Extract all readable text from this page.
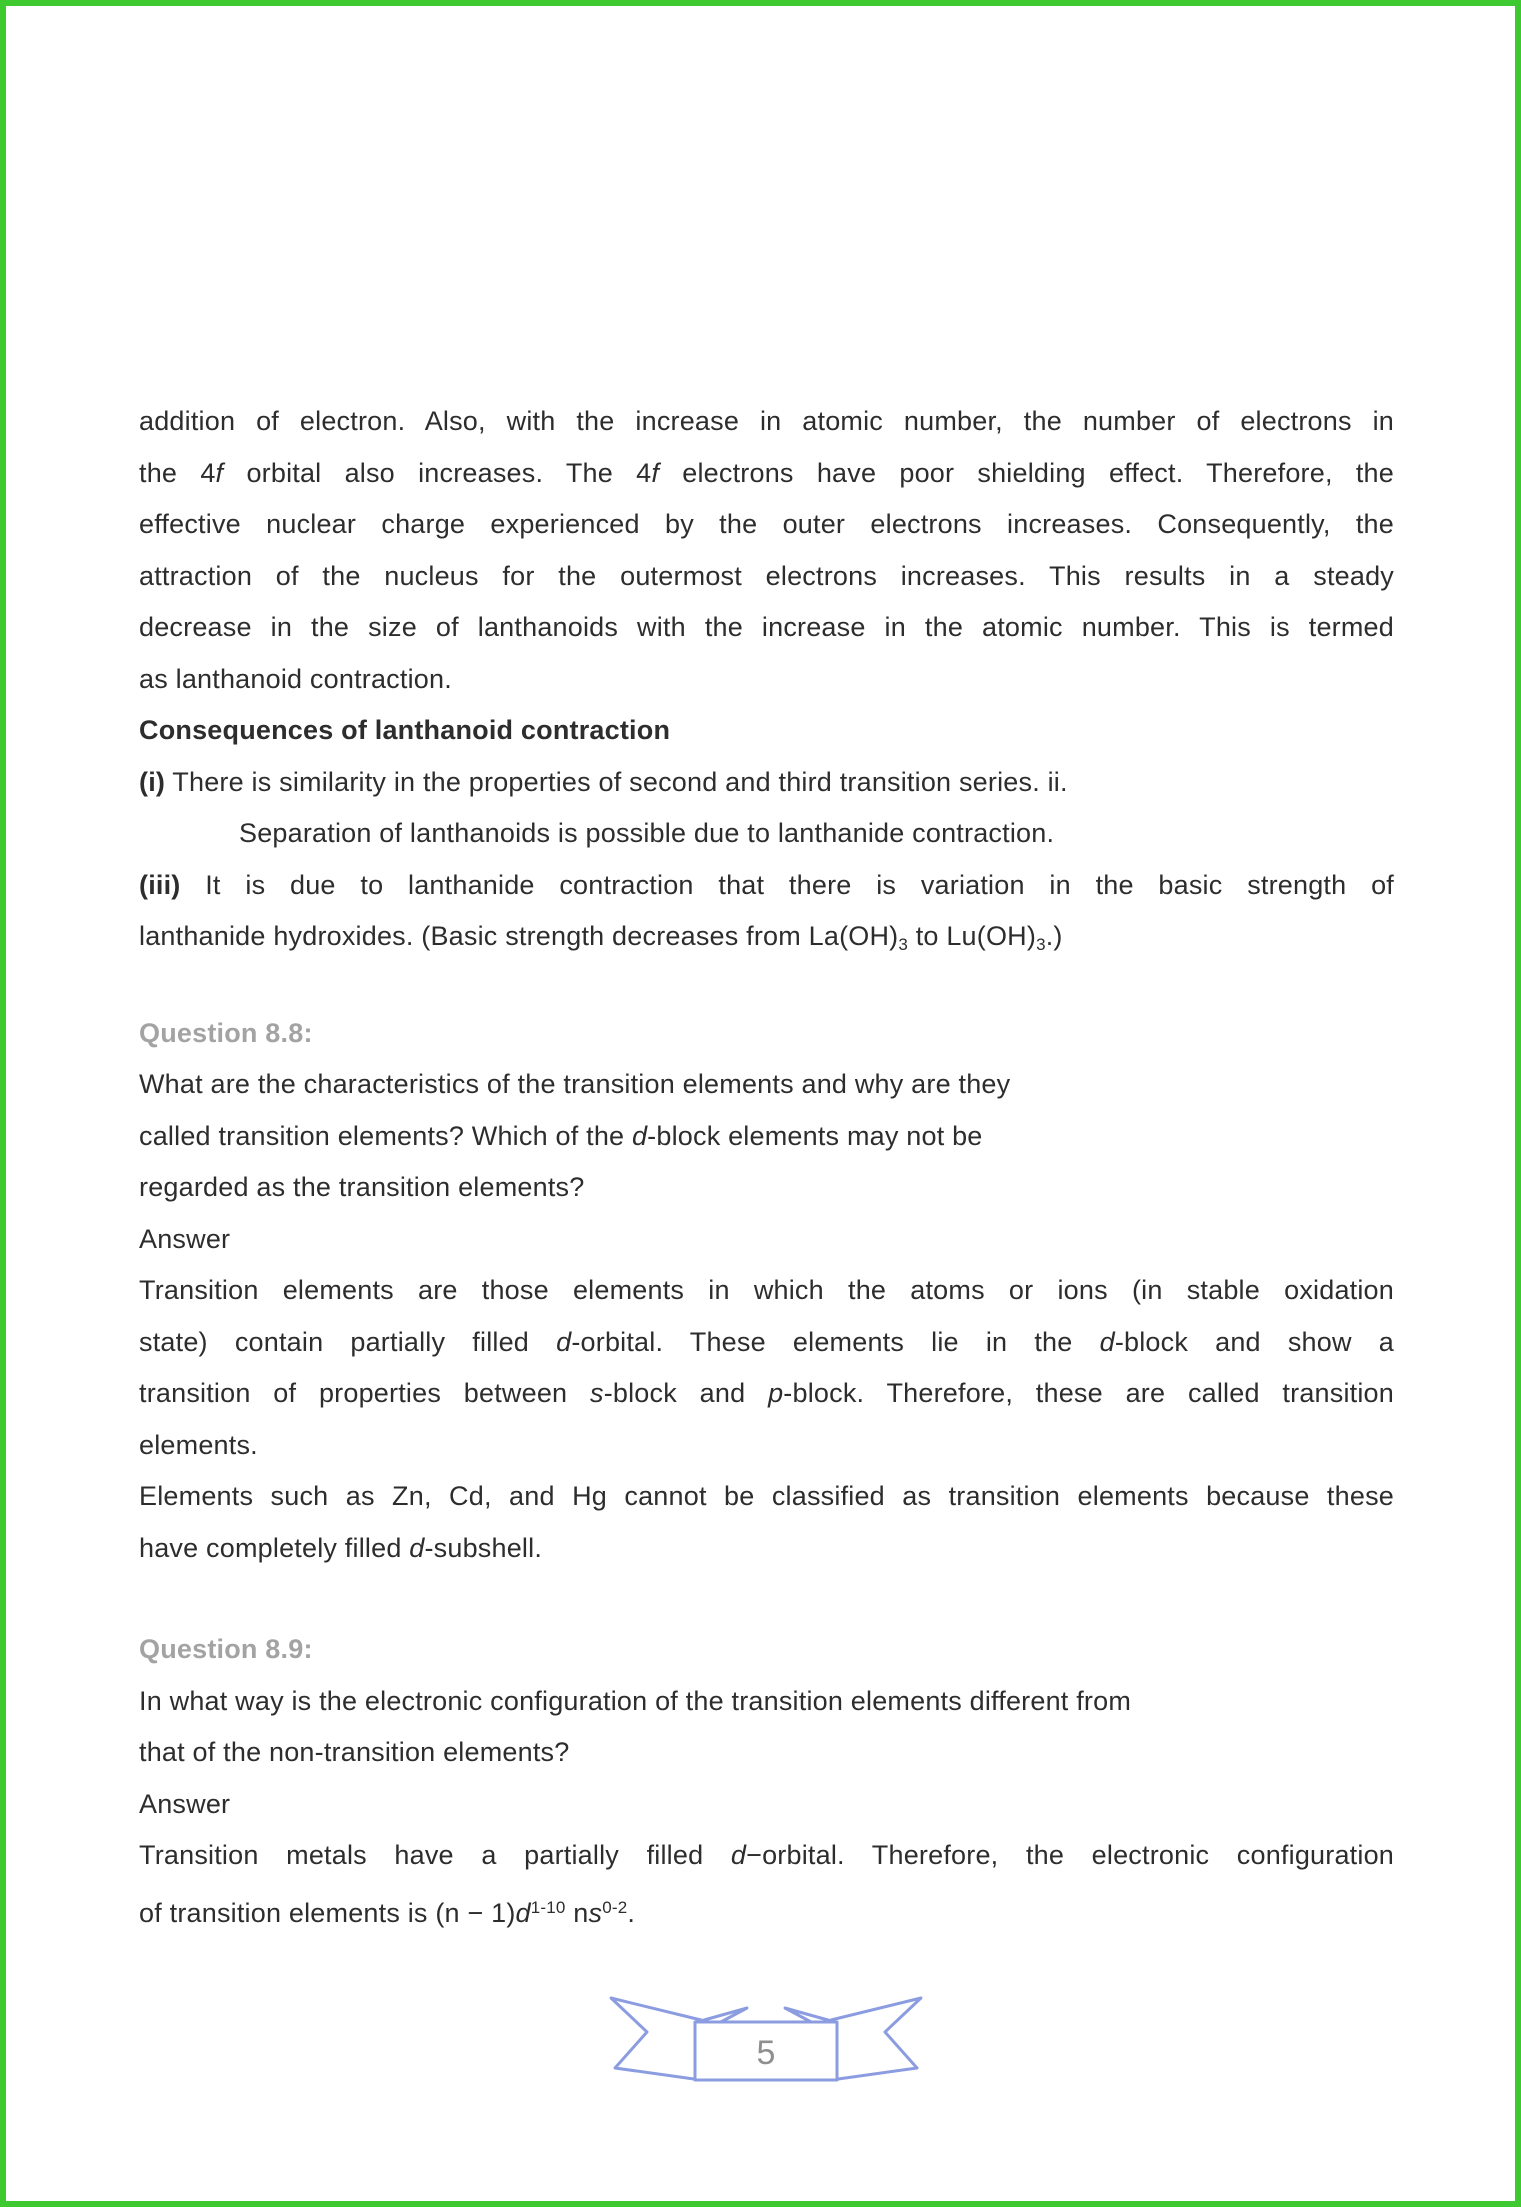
addition of electron. Also, with the increase in atomic number, the number of electrons in
the 4f orbital also increases. The 4f electrons have poor shielding effect. Therefore, the
effective nuclear charge experienced by the outer electrons increases. Consequently, the
attraction of the nucleus for the outermost electrons increases. This results in a steady
decrease in the size of lanthanoids with the increase in the atomic number. This is termed
as lanthanoid contraction.
Consequences of lanthanoid contraction
(i) There is similarity in the properties of second and third transition series. ii.
Separation of lanthanoids is possible due to lanthanide contraction.
(iii) It is due to lanthanide contraction that there is variation in the basic strength of
lanthanide hydroxides. (Basic strength decreases from La(OH)3 to Lu(OH)3.)
Question 8.8:
What are the characteristics of the transition elements and why are they
called transition elements? Which of the d-block elements may not be
regarded as the transition elements?
Answer
Transition elements are those elements in which the atoms or ions (in stable oxidation
state) contain partially filled d-orbital. These elements lie in the d-block and show a
transition of properties between s-block and p-block. Therefore, these are called transition
elements.
Elements such as Zn, Cd, and Hg cannot be classified as transition elements because these
have completely filled d-subshell.
Question 8.9:
In what way is the electronic configuration of the transition elements different from
that of the non-transition elements?
Answer
Transition metals have a partially filled d−orbital. Therefore, the electronic configuration
of transition elements is $(n - 1)d^{1-10}$ $ns^{0-2}$.
5
